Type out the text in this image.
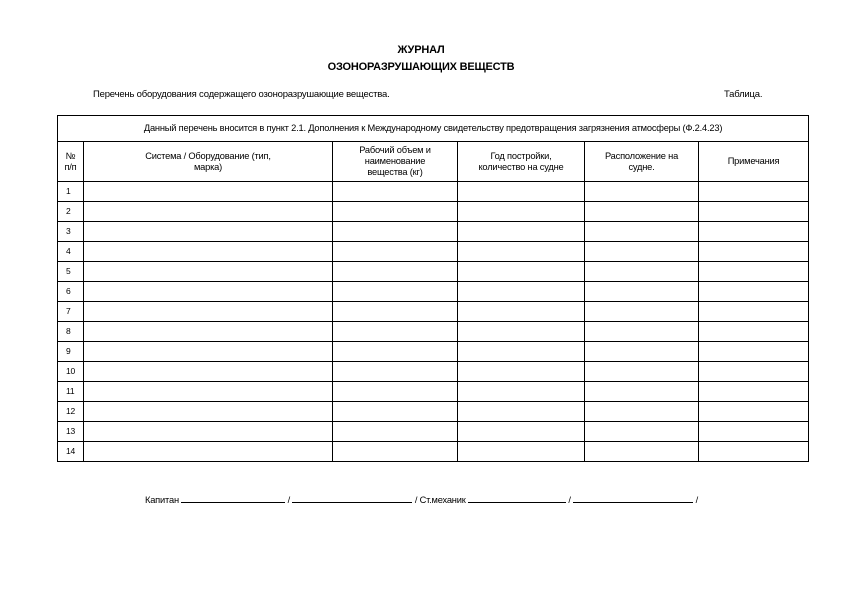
ЖУРНАЛ
ОЗОНОРАЗРУШАЮЩИХ ВЕЩЕСТВ
Перечень оборудования содержащего озоноразрушающие вещества.	Таблица.
Данный перечень вносится в пункт 2.1. Дополнения к Международному свидетельству предотвращения загрязнения атмосферы (Ф.2.4.23)					
№ п/п	Система / Оборудование (тип, марка)	Рабочий объем и наименование вещества (кг)	Год постройки, количество на судне	Расположение на судне.	Примечания
1					
2					
3					
4					
5					
6					
7					
8					
9					
10					
11					
12					
13					
14					
Капитан	/	/ Ст.механик	/	/
